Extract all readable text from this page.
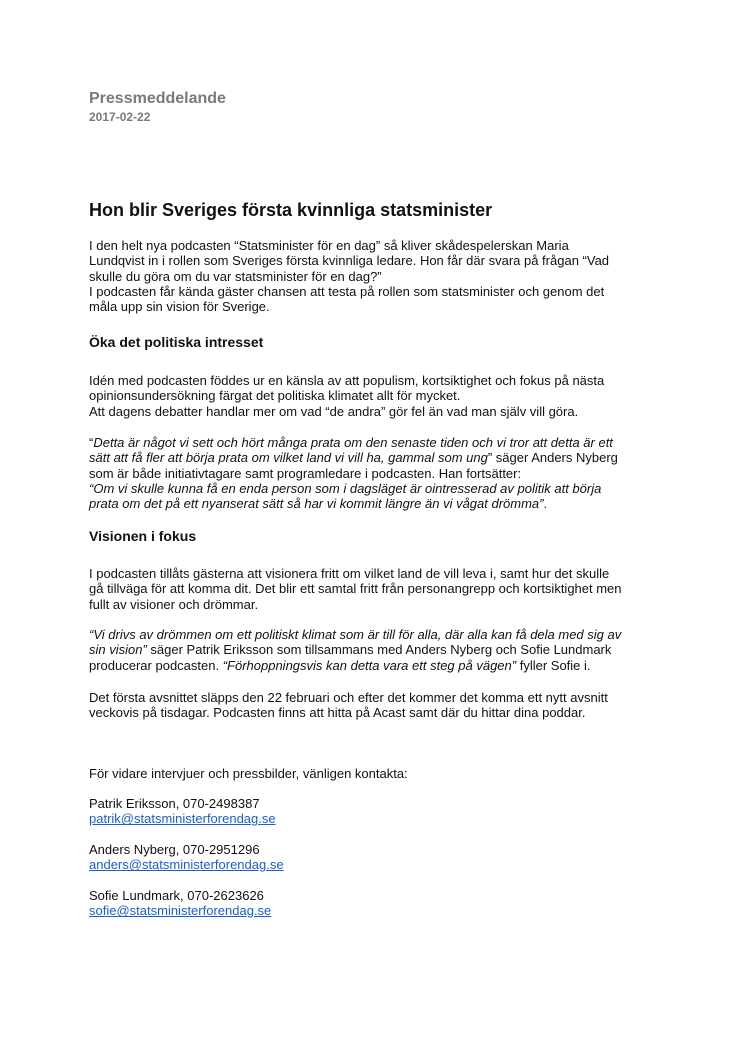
Pressmeddelande
2017-02-22
Hon blir Sveriges första kvinnliga statsminister

I den helt nya podcasten “Statsminister för en dag” så kliver skådespelerskan Maria
Lundqvist in i rollen som Sveriges första kvinnliga ledare. Hon får där svara på frågan “Vad
skulle du göra om du var statsminister för en dag?”
I podcasten får kända gäster chansen att testa på rollen som statsminister och genom det
måla upp sin vision för Sverige.

Öka det politiska intresset

Idén med podcasten föddes ur en känsla av att populism, kortsiktighet och fokus på nästa
opinionsundersökning färgat det politiska klimatet allt för mycket.
Att dagens debatter handlar mer om vad “de andra” gör fel än vad man själv vill göra.

“Detta är något vi sett och hört många prata om den senaste tiden och vi tror att detta är ett
sätt att få fler att börja prata om vilket land vi vill ha, gammal som ung” säger Anders Nyberg
som är både initiativtagare samt programledare i podcasten. Han fortsätter:
“Om vi skulle kunna få en enda person som i dagsläget är ointresserad av politik att börja
prata om det på ett nyanserat sätt så har vi kommit längre än vi vågat drömma”.

Visionen i fokus

I podcasten tillåts gästerna att visionera fritt om vilket land de vill leva i, samt hur det skulle
gå tillväga för att komma dit. Det blir ett samtal fritt från personangrepp och kortsiktighet men
fullt av visioner och drömmar.

“Vi drivs av drömmen om ett politiskt klimat som är till för alla, där alla kan få dela med sig av
sin vision” säger Patrik Eriksson som tillsammans med Anders Nyberg och Sofie Lundmark
producerar podcasten. “Förhoppningsvis kan detta vara ett steg på vägen” fyller Sofie i.

Det första avsnittet släpps den 22 februari och efter det kommer det komma ett nytt avsnitt
veckovis på tisdagar. Podcasten finns att hitta på Acast samt där du hittar dina poddar.

För vidare intervjuer och pressbilder, vänligen kontakta:

Patrik Eriksson, 070-2498387
patrik@statsministerforendag.se

Anders Nyberg, 070-2951296
anders@statsministerforendag.se

Sofie Lundmark, 070-2623626
sofie@statsministerforendag.se
